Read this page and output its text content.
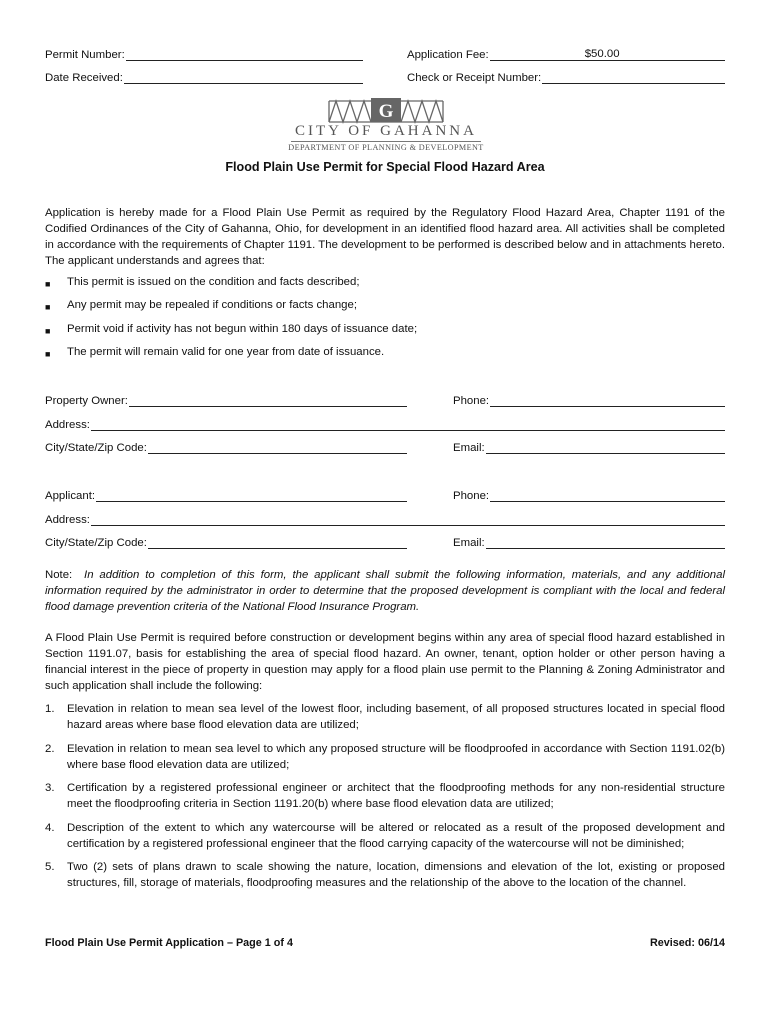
Permit Number:	Application Fee:	$50.00
Date Received:	Check or Receipt Number:
G
CITY OF GAHANNA
DEPARTMENT OF PLANNING & DEVELOPMENT
Flood Plain Use Permit for Special Flood Hazard Area
Application is hereby made for a Flood Plain Use Permit as required by the Regulatory Flood Hazard Area, Chapter 1191 of the Codified Ordinances of the City of Gahanna, Ohio, for development in an identified flood hazard area. All activities shall be completed in accordance with the requirements of Chapter 1191. The development to be performed is described below and in attachments hereto. The applicant understands and agrees that:
■	This permit is issued on the condition and facts described;
■	Any permit may be repealed if conditions or facts change;
■	Permit void if activity has not begun within 180 days of issuance date;
■	The permit will remain valid for one year from date of issuance.
Property Owner:	Phone:
Address:
City/State/Zip Code:	Email:
Applicant:	Phone:
Address:
City/State/Zip Code:	Email:
Note: In addition to completion of this form, the applicant shall submit the following information, materials, and any additional information required by the administrator in order to determine that the proposed development is compliant with the local and federal flood damage prevention criteria of the National Flood Insurance Program.
A Flood Plain Use Permit is required before construction or development begins within any area of special flood hazard established in Section 1191.07, basis for establishing the area of special flood hazard. An owner, tenant, option holder or other person having a financial interest in the piece of property in question may apply for a flood plain use permit to the Planning & Zoning Administrator and such application shall include the following:
1.	Elevation in relation to mean sea level of the lowest floor, including basement, of all proposed structures located in special flood hazard areas where base flood elevation data are utilized;
2.	Elevation in relation to mean sea level to which any proposed structure will be floodproofed in accordance with Section 1191.02(b) where base flood elevation data are utilized;
3.	Certification by a registered professional engineer or architect that the floodproofing methods for any non-residential structure meet the floodproofing criteria in Section 1191.20(b) where base flood elevation data are utilized;
4.	Description of the extent to which any watercourse will be altered or relocated as a result of the proposed development and certification by a registered professional engineer that the flood carrying capacity of the watercourse will not be diminished;
5.	Two (2) sets of plans drawn to scale showing the nature, location, dimensions and elevation of the lot, existing or proposed structures, fill, storage of materials, floodproofing measures and the relationship of the above to the location of the channel.
Flood Plain Use Permit Application – Page 1 of 4	Revised: 06/14
